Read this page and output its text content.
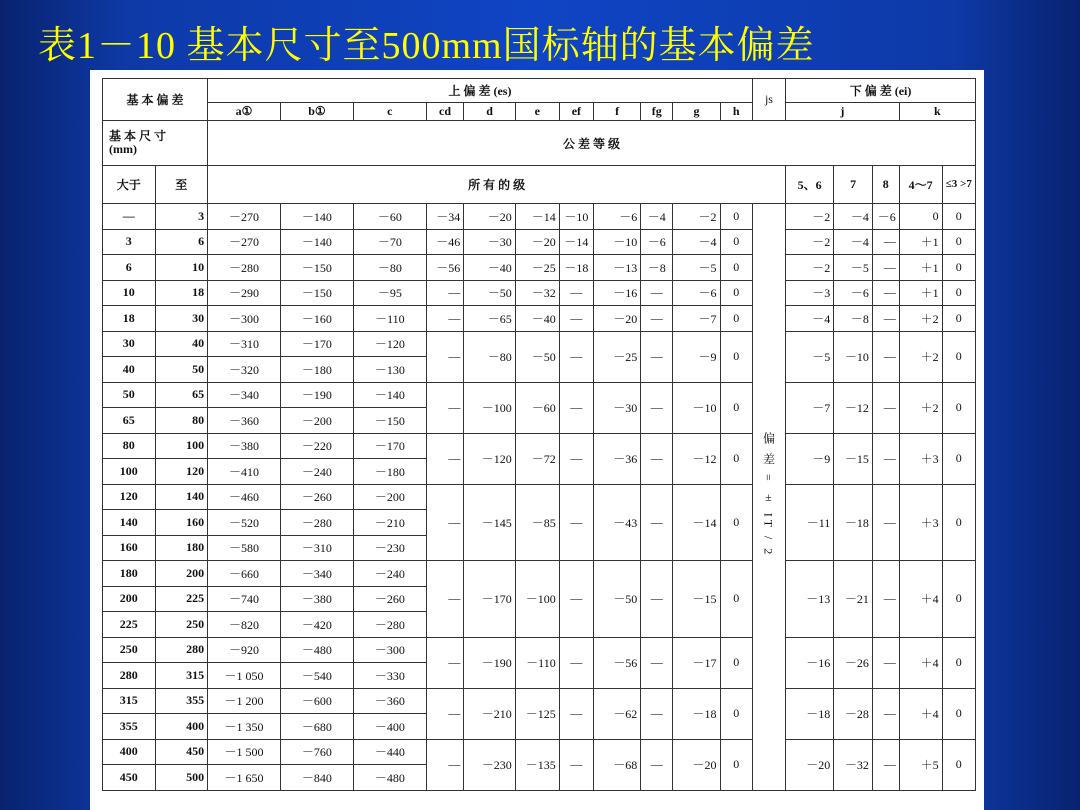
表1－10 基本尺寸至500mm国标轴的基本偏差
基 本 偏 差		上 偏 差 (es)											js	下 偏 差 (ei)				
		a①	b①	c	cd	d	e	ef	f	fg	g	h		j			k	
基 本 尺 寸
(mm)		公 差 等 级																
大于	至	所 有 的 级												5、6	7	8	4～7	≤3 >7
—	3	－270	－140	－60	－34	－20	－14	－10	－6	－4	－2	0	偏 差 = ± IT / 2	－2	－4	－6	0	0
3	6	－270	－140	－70	－46	－30	－20	－14	－10	－6	－4	0		－2	－4	—	＋1	0
6	10	－280	－150	－80	－56	－40	－25	－18	－13	－8	－5	0		－2	－5	—	＋1	0
10	18	－290	－150	－95	—	－50	－32	—	－16	—	－6	0		－3	－6	—	＋1	0
18	30	－300	－160	－110	—	－65	－40	—	－20	—	－7	0		－4	－8	—	＋2	0
30	40	－310	－170	－120	—	－80	－50	—	－25	—	－9	0		－5	－10	—	＋2	0
40	50	－320	－180	－130														
50	65	－340	－190	－140	—	－100	－60	—	－30	—	－10	0		－7	－12	—	＋2	0
65	80	－360	－200	－150														
80	100	－380	－220	－170	—	－120	－72	—	－36	—	－12	0		－9	－15	—	＋3	0
100	120	－410	－240	－180														
120	140	－460	－260	－200	—	－145	－85	—	－43	—	－14	0		－11	－18	—	＋3	0
140	160	－520	－280	－210														
160	180	－580	－310	－230														
180	200	－660	－340	－240	—	－170	－100	—	－50	—	－15	0		－13	－21	—	＋4	0
200	225	－740	－380	－260														
225	250	－820	－420	－280														
250	280	－920	－480	－300	—	－190	－110	—	－56	—	－17	0		－16	－26	—	＋4	0
280	315	－1 050	－540	－330														
315	355	－1 200	－600	－360	—	－210	－125	—	－62	—	－18	0		－18	－28	—	＋4	0
355	400	－1 350	－680	－400														
400	450	－1 500	－760	－440	—	－230	－135	—	－68	—	－20	0		－20	－32	—	＋5	0
450	500	－1 650	－840	－480														
